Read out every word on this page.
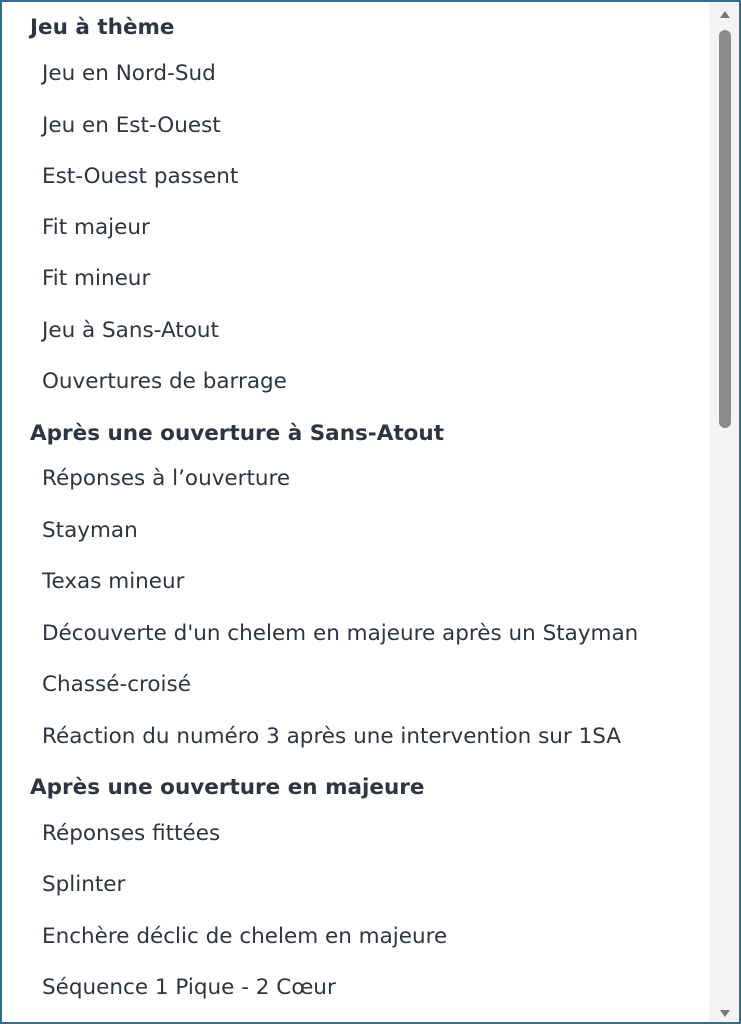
Jeu à thème
Jeu en Nord-Sud
Jeu en Est-Ouest
Est-Ouest passent
Fit majeur
Fit mineur
Jeu à Sans-Atout
Ouvertures de barrage
Après une ouverture à Sans-Atout
Réponses à l’ouverture
Stayman
Texas mineur
Découverte d'un chelem en majeure après un Stayman
Chassé-croisé
Réaction du numéro 3 après une intervention sur 1SA
Après une ouverture en majeure
Réponses fittées
Splinter
Enchère déclic de chelem en majeure
Séquence 1 Pique - 2 Cœur
